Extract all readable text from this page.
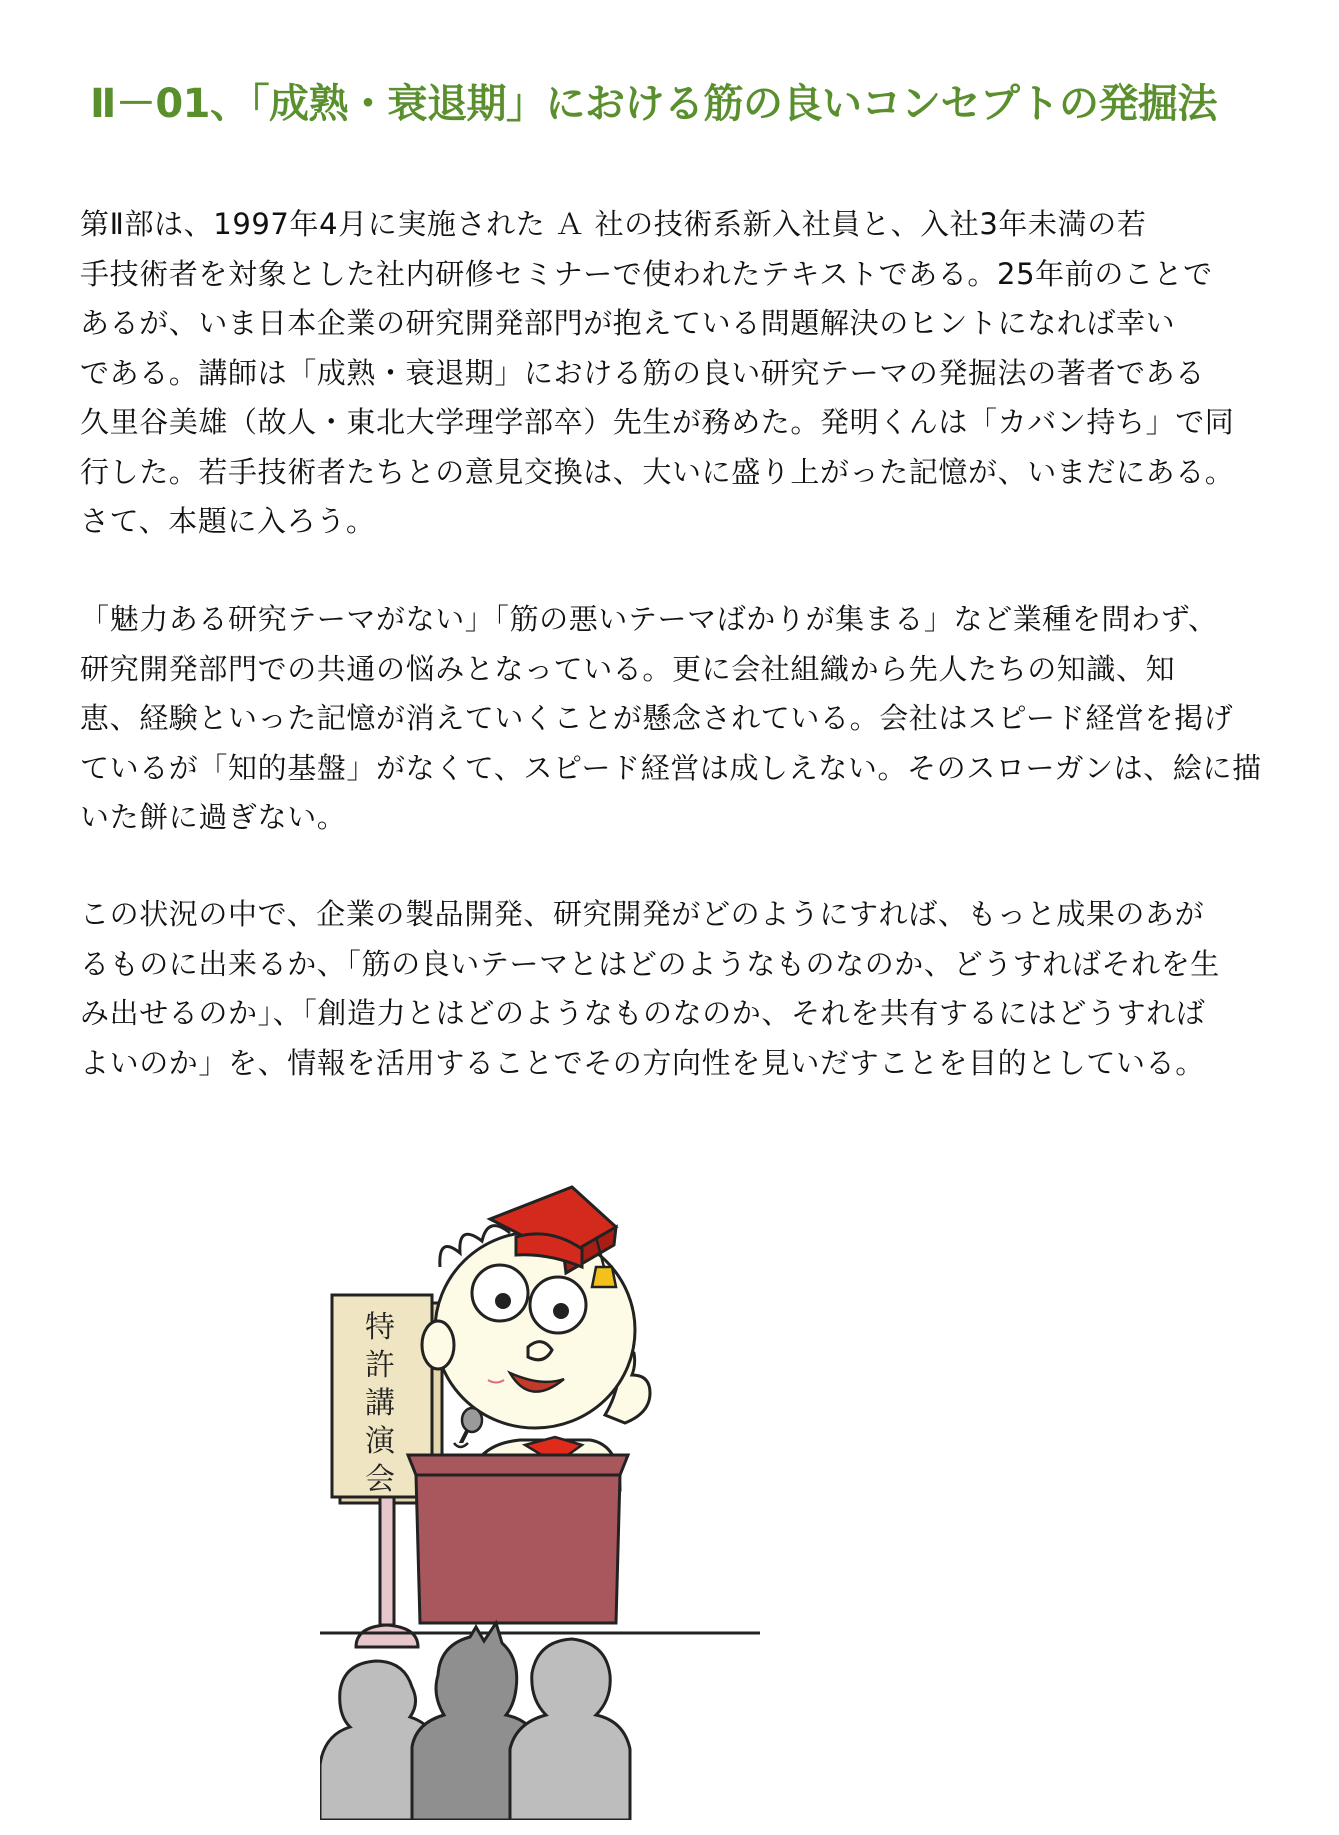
Ⅱ－01、「成熟・衰退期」における筋の良いコンセプトの発掘法

第Ⅱ部は、1997年4月に実施された Ａ 社の技術系新入社員と、入社3年未満の若

手技術者を対象とした社内研修セミナーで使われたテキストである。25年前のことで

あるが、いま日本企業の研究開発部門が抱えている問題解決のヒントになれば幸い

である。講師は「成熟・衰退期」における筋の良い研究テーマの発掘法の著者である

久里谷美雄（故人・東北大学理学部卒）先生が務めた。発明くんは「カバン持ち」で同

行した。若手技術者たちとの意見交換は、大いに盛り上がった記憶が、いまだにある。

さて、本題に入ろう。

「魅力ある研究テーマがない」「筋の悪いテーマばかりが集まる」など業種を問わず、

研究開発部門での共通の悩みとなっている。更に会社組織から先人たちの知識、知

恵、経験といった記憶が消えていくことが懸念されている。会社はスピード経営を掲げ

ているが「知的基盤」がなくて、スピード経営は成しえない。そのスローガンは、絵に描

いた餅に過ぎない。

この状況の中で、企業の製品開発、研究開発がどのようにすれば、もっと成果のあが

るものに出来るか、「筋の良いテーマとはどのようなものなのか、どうすればそれを生

み出せるのか」、「創造力とはどのようなものなのか、それを共有するにはどうすれば

よいのか」を、情報を活用することでその方向性を見いだすことを目的としている。

特
許
講
演
会
